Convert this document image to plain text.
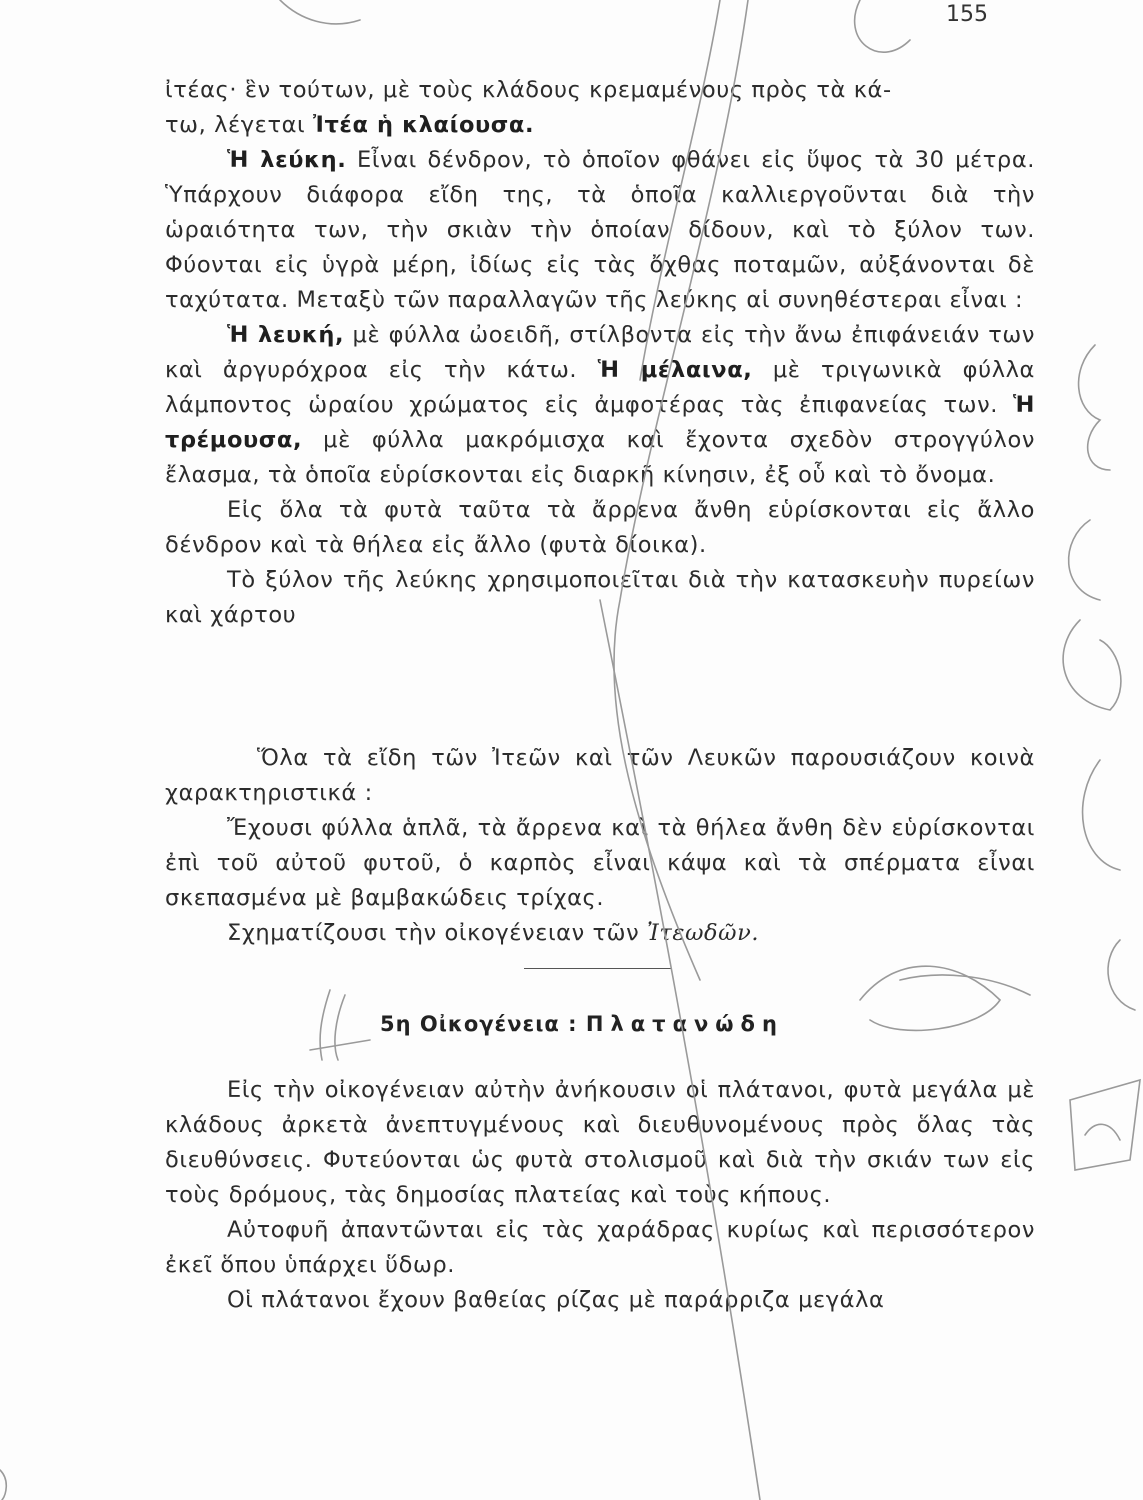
155

ἰτέας· ἓν τούτων, μὲ τοὺς κλάδους κρεμαμένους πρὸς τὰ κά-
τω, λέγεται Ἰτέα ἡ κλαίουσα.

Ἡ λεύκη. Εἶναι δένδρον, τὸ ὁποῖον φθάνει εἰς ὕψος τὰ 30 μέτρα. Ὑπάρχουν διάφορα εἴδη της, τὰ ὁποῖα καλλιεργοῦνται διὰ τὴν ὡραιότητα των, τὴν σκιὰν τὴν ὁποίαν δίδουν, καὶ τὸ ξύλον των. Φύονται εἰς ὑγρὰ μέρη, ἰδίως εἰς τὰς ὄχθας ποταμῶν, αὐξάνονται δὲ ταχύτατα. Μεταξὺ τῶν παραλλαγῶν τῆς λεύκης αἱ συνηθέστεραι εἶναι :

Ἡ λευκή, μὲ φύλλα ὠοειδῆ, στίλβοντα εἰς τὴν ἄνω ἐπιφάνειάν των καὶ ἀργυρόχροα εἰς τὴν κάτω. Ἡ μέλαινα, μὲ τριγωνικὰ φύλλα λάμποντος ὡραίου χρώματος εἰς ἀμφοτέρας τὰς ἐπιφανείας των. Ἡ τρέμουσα, μὲ φύλλα μακρόμισχα καὶ ἔχοντα σχεδὸν στρογγύλον ἔλασμα, τὰ ὁποῖα εὑρίσκονται εἰς διαρκῆ κίνησιν, ἐξ οὗ καὶ τὸ ὄνομα.

Εἰς ὅλα τὰ φυτὰ ταῦτα τὰ ἄρρενα ἄνθη εὑρίσκονται εἰς ἄλλο δένδρον καὶ τὰ θήλεα εἰς ἄλλο (φυτὰ δίοικα).

Τὸ ξύλον τῆς λεύκης χρησιμοποιεῖται διὰ τὴν κατασκευὴν πυρείων καὶ χάρτου

Ὅλα τὰ εἴδη τῶν Ἰτεῶν καὶ τῶν Λευκῶν παρουσιάζουν κοινὰ χαρακτηριστικά :

Ἔχουσι φύλλα ἁπλᾶ, τὰ ἄρρενα καὶ τὰ θήλεα ἄνθη δὲν εὑρίσκονται ἐπὶ τοῦ αὐτοῦ φυτοῦ, ὁ καρπὸς εἶναι κάψα καὶ τὰ σπέρματα εἶναι σκεπασμένα μὲ βαμβακώδεις τρίχας.

Σχηματίζουσι τὴν οἰκογένειαν τῶν Ἰτεωδῶν.

5η Οἰκογένεια : Πλατανώδη

Εἰς τὴν οἰκογένειαν αὐτὴν ἀνήκουσιν οἱ πλάτανοι, φυτὰ μεγάλα μὲ κλάδους ἀρκετὰ ἀνεπτυγμένους καὶ διευθυνομένους πρὸς ὅλας τὰς διευθύνσεις. Φυτεύονται ὡς φυτὰ στολισμοῦ καὶ διὰ τὴν σκιάν των εἰς τοὺς δρόμους, τὰς δημοσίας πλατείας καὶ τοὺς κήπους.

Αὐτοφυῆ ἀπαντῶνται εἰς τὰς χαράδρας κυρίως καὶ περισσότερον ἐκεῖ ὅπου ὑπάρχει ὕδωρ.

Οἱ πλάτανοι ἔχουν βαθείας ρίζας μὲ παράρριζα μεγάλα
